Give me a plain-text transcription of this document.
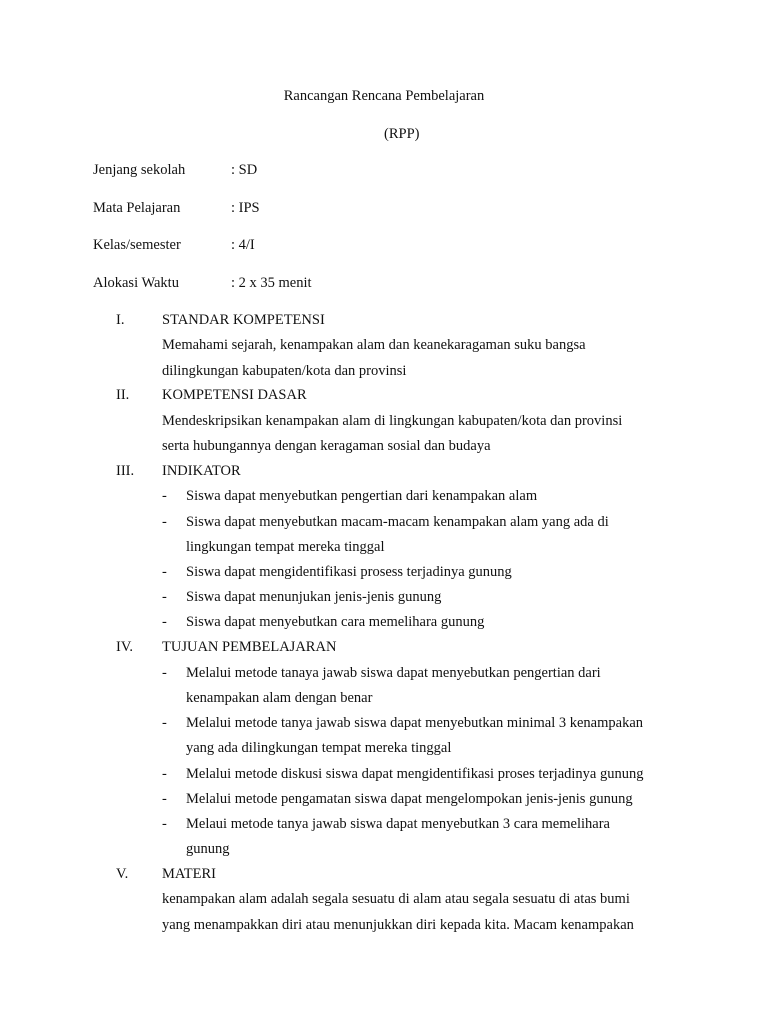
Rancangan Rencana Pembelajaran
(RPP)
Jenjang sekolah	: SD
Mata Pelajaran	: IPS
Kelas/semester	: 4/I
Alokasi Waktu	: 2 x 35 menit
I.	STANDAR KOMPETENSI
Memahami sejarah, kenampakan alam dan keanekaragaman suku bangsa
dilingkungan kabupaten/kota dan provinsi
II. KOMPETENSI DASAR
Mendeskripsikan kenampakan alam di lingkungan kabupaten/kota dan provinsi
serta hubungannya dengan keragaman sosial dan budaya
III. INDIKATOR
- Siswa dapat menyebutkan pengertian dari kenampakan alam
- Siswa dapat menyebutkan macam-macam kenampakan alam yang ada di
lingkungan tempat mereka tinggal
- Siswa dapat mengidentifikasi prosess terjadinya gunung
- Siswa dapat menunjukan jenis-jenis gunung
- Siswa dapat menyebutkan cara memelihara gunung
IV. TUJUAN PEMBELAJARAN
- Melalui metode tanaya jawab siswa dapat menyebutkan pengertian dari
kenampakan alam dengan benar
- Melalui metode tanya jawab siswa dapat menyebutkan minimal 3 kenampakan
yang ada dilingkungan tempat mereka tinggal
- Melalui metode diskusi siswa dapat mengidentifikasi proses terjadinya gunung
- Melalui metode pengamatan siswa dapat mengelompokan jenis-jenis gunung
- Melaui metode tanya jawab siswa dapat menyebutkan 3 cara memelihara
gunung
V. MATERI
kenampakan alam adalah segala sesuatu di alam atau segala sesuatu di atas bumi
yang menampakkan diri atau menunjukkan diri kepada kita. Macam kenampakan
